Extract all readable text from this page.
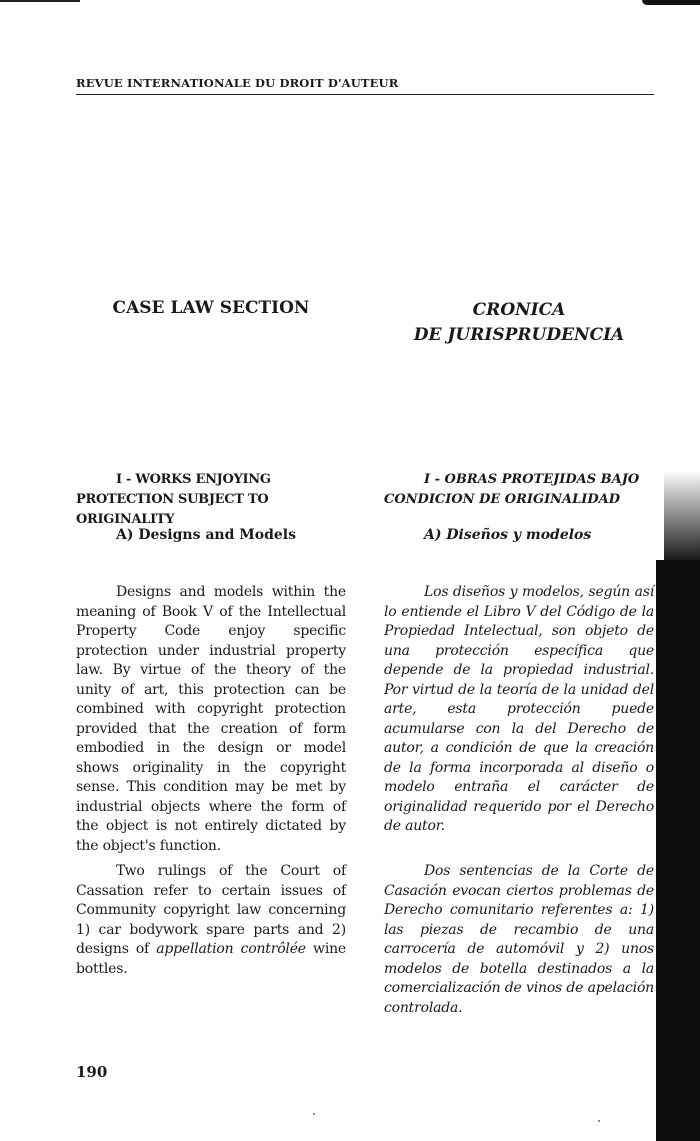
REVUE INTERNATIONALE DU DROIT D'AUTEUR
CASE LAW SECTION	CRONICA
DE JURISPRUDENCIA
I - WORKS ENJOYING PROTECTION SUBJECT TO ORIGINALITY
I - OBRAS PROTEJIDAS BAJO CONDICION DE ORIGINALIDAD
A) Designs and Models	A) Diseños y modelos
Designs and models within the meaning of Book V of the Intellectual Property Code enjoy specific protection under industrial property law. By virtue of the theory of the unity of art, this protection can be combined with copyright protection provided that the creation of form embodied in the design or model shows originality in the copyright sense. This condition may be met by industrial objects where the form of the object is not entirely dictated by the object's function.
Los diseños y modelos, según así lo entiende el Libro V del Código de la Propiedad Intelectual, son objeto de una protección específica que depende de la propiedad industrial. Por virtud de la teoría de la unidad del arte, esta protección puede acumularse con la del Derecho de autor, a condición de que la creación de la forma incorporada al diseño o modelo entraña el carácter de originalidad requerido por el Derecho de autor.
Two rulings of the Court of Cassation refer to certain issues of Community copyright law concerning 1) car bodywork spare parts and 2) designs of appellation contrôlée wine bottles.
Dos sentencias de la Corte de Casación evocan ciertos problemas de Derecho comunitario referentes a: 1) las piezas de recambio de una carrocería de automóvil y 2) unos modelos de botella destinados a la comercialización de vinos de apelación controlada.
190
